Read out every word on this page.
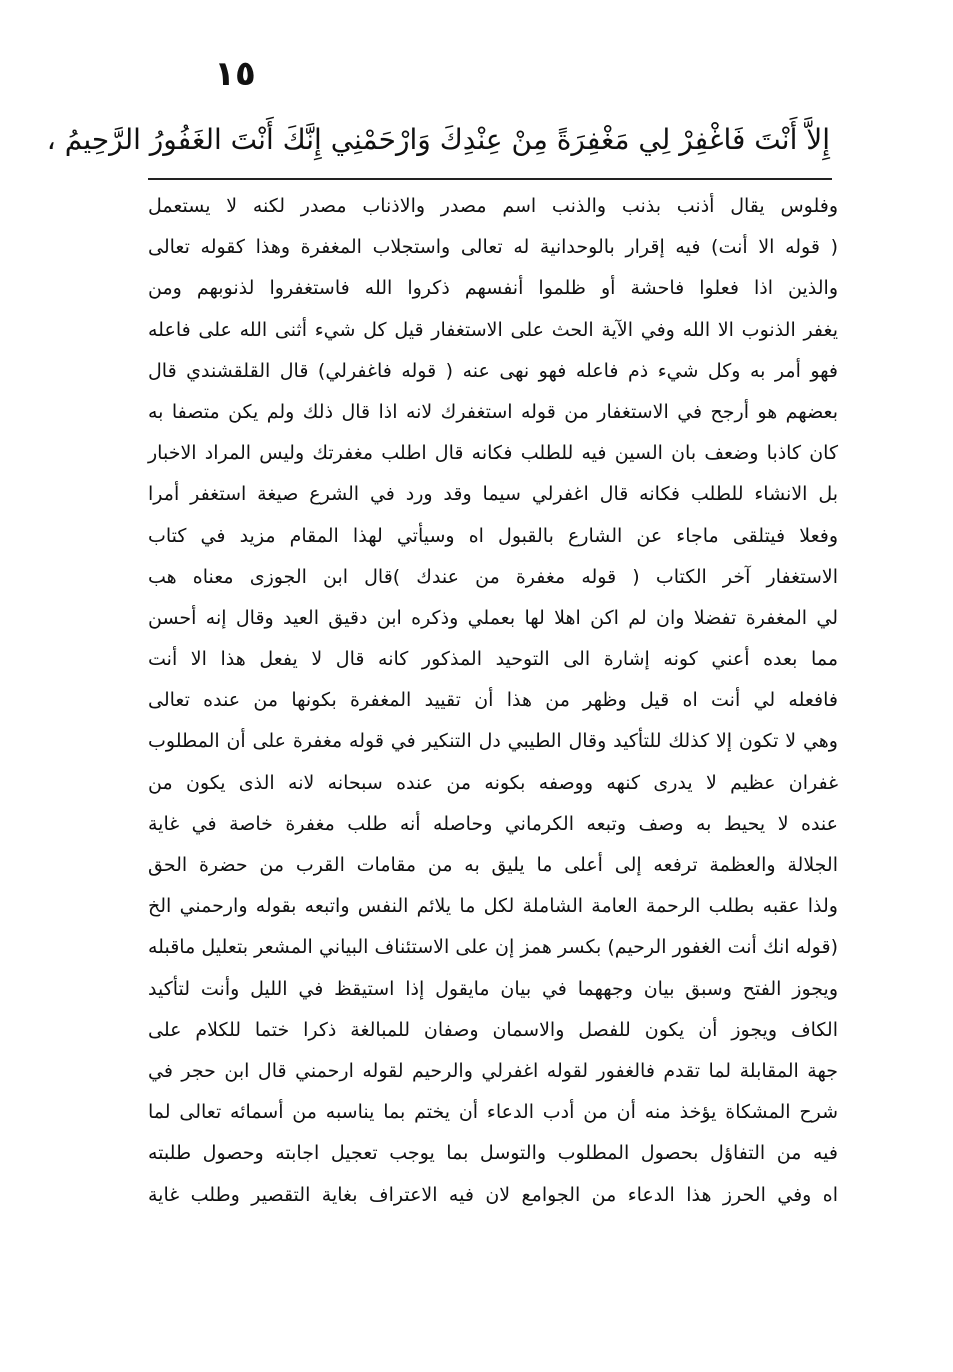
١٥
إِلاَّ أَنْتَ فَاغْفِرْ لِي مَغْفِرَةً مِنْ عِنْدِكَ وَارْحَمْنِي إِنَّكَ أَنْتَ الغَفُورُ الرَّحِيمُ ،
وفلوس يقال أذنب بذنب والذنب اسم مصدر والاذناب مصدر لكنه لا يستعمل
( قوله الا أنت) فيه إقرار بالوحدانية له تعالى واستجلاب المغفرة وهذا كقوله تعالى
والذين اذا فعلوا فاحشة أو ظلموا أنفسهم ذكروا الله فاستغفروا لذنوبهم ومن
يغفر الذنوب الا الله وفي الآية الحث على الاستغفار قيل كل شيء أثنى الله على فاعله
فهو أمر به وكل شيء ذم فاعله فهو نهى عنه ( قوله فاغفرلي) قال القلقشندي قال
بعضهم هو أرجح في الاستغفار من قوله استغفرك لانه اذا قال ذلك ولم يكن متصفا به
كان كاذبا وضعف بان السين فيه للطلب فكانه قال اطلب مغفرتك وليس المراد الاخبار
بل الانشاء للطلب فكانه قال اغفرلي سيما وقد ورد في الشرع صيغة استغفر أمرا
وفعلا فيتلقى ماجاء عن الشارع بالقبول اه وسيأتي لهذا المقام مزيد في كتاب
الاستغفار آخر الكتاب ( قوله مغفرة من عندك )قال ابن الجوزى معناه هب
لي المغفرة تفضلا وان لم اكن اهلا لها بعملي وذكره ابن دقيق العيد وقال إنه أحسن
مما بعده أعني كونه إشارة الى التوحيد المذكور كانه قال لا يفعل هذا الا أنت
فافعله لي أنت اه قيل وظهر من هذا أن تقييد المغفرة بكونها من عنده تعالى
وهي لا تكون إلا كذلك للتأكيد وقال الطيبي دل التنكير في قوله مغفرة على أن المطلوب
غفران عظيم لا يدرى كنهه ووصفه بكونه من عنده سبحانه لانه الذى يكون من
عنده لا يحيط به وصف وتبعه الكرماني وحاصله أنه طلب مغفرة خاصة في غاية
الجلالة والعظمة ترفعه إلى أعلى ما يليق به من مقامات القرب من حضرة الحق
ولذا عقبه بطلب الرحمة العامة الشاملة لكل ما يلائم النفس واتبعه بقوله وارحمني الخ
(قوله انك أنت الغفور الرحيم) بكسر همز إن على الاستئناف البياني المشعر بتعليل ماقبله
ويجوز الفتح وسبق بيان وجههما في بيان مايقول إذا استيقظ في الليل وأنت لتأكيد
الكاف ويجوز أن يكون للفصل والاسمان وصفان للمبالغة ذكرا ختما للكلام على
جهة المقابلة لما تقدم فالغفور لقوله اغفرلي والرحيم لقوله ارحمني قال ابن حجر في
شرح المشكاة يؤخذ منه أن من أدب الدعاء أن يختم بما يناسبه من أسمائه تعالى لما
فيه من التفاؤل بحصول المطلوب والتوسل بما يوجب تعجيل اجابته وحصول طلبته
اه وفي الحرز هذا الدعاء من الجوامع لان فيه الاعتراف بغاية التقصير وطلب غاية
